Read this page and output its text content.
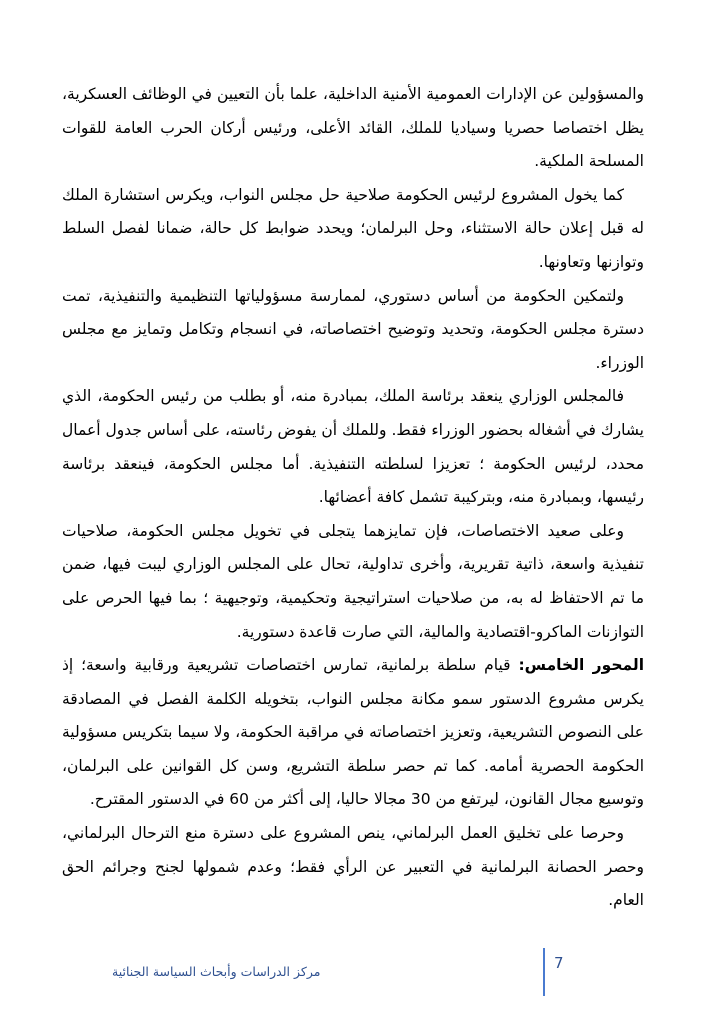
والمسؤولين عن الإدارات العمومية الأمنية الداخلية، علما بأن التعيين في الوظائف العسكرية، يظل اختصاصا حصريا وسياديا للملك، القائد الأعلى، ورئيس أركان الحرب العامة للقوات المسلحة الملكية.

كما يخول المشروع لرئيس الحكومة صلاحية حل مجلس النواب، ويكرس استشارة الملك له قبل إعلان حالة الاستثناء، وحل البرلمان؛ ويحدد ضوابط كل حالة، ضمانا لفصل السلط وتوازنها وتعاونها.

ولتمكين الحكومة من أساس دستوري، لممارسة مسؤولياتها التنظيمية والتنفيذية، تمت دسترة مجلس الحكومة، وتحديد وتوضيح اختصاصاته، في انسجام وتكامل وتمايز مع مجلس الوزراء.

فالمجلس الوزاري ينعقد برئاسة الملك، بمبادرة منه، أو بطلب من رئيس الحكومة، الذي يشارك في أشغاله بحضور الوزراء فقط. وللملك أن يفوض رئاسته، على أساس جدول أعمال محدد، لرئيس الحكومة ؛ تعزيزا لسلطته التنفيذية. أما مجلس الحكومة، فينعقد برئاسة رئيسها، وبمبادرة منه، وبتركيبة تشمل كافة أعضائها.

وعلى صعيد الاختصاصات، فإن تمايزهما يتجلى في تخويل مجلس الحكومة، صلاحيات تنفيذية واسعة، ذاتية تقريرية، وأخرى تداولية، تحال على المجلس الوزاري ليبت فيها، ضمن ما تم الاحتفاظ له به، من صلاحيات استراتيجية وتحكيمية، وتوجيهية ؛ بما فيها الحرص على التوازنات الماكرو-اقتصادية والمالية، التي صارت قاعدة دستورية.

المحور الخامس: قيام سلطة برلمانية، تمارس اختصاصات تشريعية ورقابية واسعة؛ إذ يكرس مشروع الدستور سمو مكانة مجلس النواب، بتخويله الكلمة الفصل في المصادقة على النصوص التشريعية، وتعزيز اختصاصاته في مراقبة الحكومة، ولا سيما بتكريس مسؤولية الحكومة الحصرية أمامه. كما تم حصر سلطة التشريع، وسن كل القوانين على البرلمان، وتوسيع مجال القانون، ليرتفع من 30 مجالا حاليا، إلى أكثر من 60 في الدستور المقترح.

وحرصا على تخليق العمل البرلماني، ينص المشروع على دسترة منع الترحال البرلماني، وحصر الحصانة البرلمانية في التعبير عن الرأي فقط؛ وعدم شمولها لجنح وجرائم الحق العام.

مركز الدراسات وأبحاث السياسة الجنائية	7
